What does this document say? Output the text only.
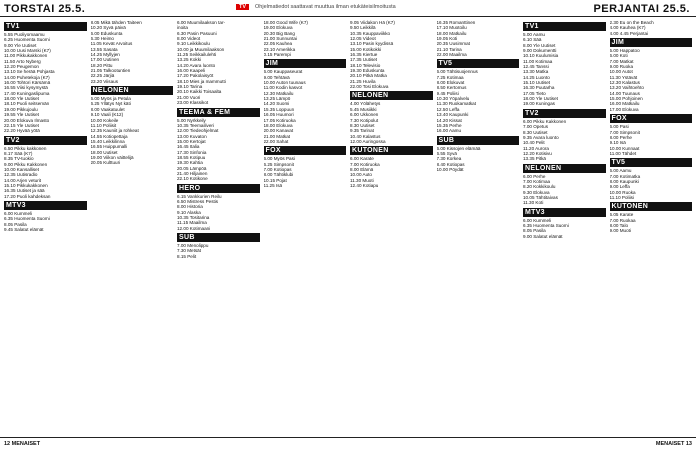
TORSTAI 25.5.	TV	Ohjelmatiedot saattavat muuttua ilman etukäteisilmoitusta	PERJANTAI 25.5.
TV1
5.55 Puoliyomaamu
6.25 Huomenta Suomi
9.00 Yle Uutiset
10.00 Uusi Marski (K7)
11.00 Pikkukakkonen
11.50 Arto Nyberg
12.20 Peugemon
13.10 Se herää Pohjasta
14.00 Puhetekoja (K7)
16.00 Tohtori Kärsämä
16.55 Viisi kysymystä
17.40 Kuningaslipuma
18.00 Yle Uutiset
18.10 Puoli seitsemän
19.00 Pikkujoulu
19.55 Yle Uutiset
20.00 Elokuva Ilmasto
22.15 Yle Uutiset
22.20 Hyvää yötä
TV2
6.50 Pikku kakkonen
8.17 Sää (K7)
8.35 TV-tuokio
9.00 Pikku Kakkonen
10.00 Kansalliset
12.35 Uutisradio
14.00 Arjen veturit
15.10 Pikkukakkonen
16.35 Uutiset ja sää
17.20 Puoli kahdeksan
MTV3
6.00 Kummeli
6.35 Huomenta Suomi
8.05 Pasila
9.45 Salatut elämät
8.05 Mikä tähden Taiteen
10.20 Syvä päivä
6.00 Eduskunta
6.30 Heimo
11.05 Kevät Arvoitus
13.55 Sasata
14.25 Myllyjen
17.00 Uutinen
18.20 Pittu
21.05 Talkootuntien
22.25 Järjiä
23.20 Viisaus
NELONEN
6.00 Myös ja Petula
6.25 Yllätys Nyt käti
8.00 Vaakatuulet
9.10 Vaali (K12)
10.00 Kokeile
11.10 Poliisit
12.35 Kauniit ja rohkeat
14.55 Kotiopettaja
15.40 Leikkilinna
16.55 Huippumalli
18.00 Uutiset
19.00 Viikon väittelijä
20.05 Kulttuuri
6.00 Muumilaakson tar-
inoita
6.30 Pasin Pasuuni
8.00 Videot
9.10 Leikkikoulu
10.00 ja Muumilaakson
11.25 Seikkailulehti
13.25 Kokki
14.20 Avara luonto
16.00 Kaapeli
17.20 Pakolaisyöt
18.10 Mies ja mammutti
19.10 Tarina
20.10 Kaikki Toisaalta
21.00 Vuori
23.00 Klassikot
TEEMA & FEM
5.00 Nyrkkeily
10.35 Teemailiveri
12.00 Tiedeohjelmat
13.00 Kuvaton
15.00 Kertojat
16.45 Italia
17.30 Sinfonia
18.55 Kotipuu
19.30 Kahtia
20.05 Lämpöä
21.40 Hiljainen
22.10 Kotikone
HERO
6.15 Vankkurien Reilu
6.50 Mistress Pestis
8.00 Historia
9.10 Alaska
10.35 Tositarina
11.15 Maailma
12.00 Kotimaani
SUB
7.00 Menolippu
7.30 Metsät
8.15 Pelit
18.00 Good Wife (K7)
19.00 Elokuva
20.30 Big Bang
21.00 Sunnuntai
22.05 Kauhea
23.10 Amerikka
0.15 Parempi
JIM
6.00 Kauppaseurat
9.00 Tehtävä
10.00 Auton tuunaus
11.00 Kodin kasvot
12.30 Matkailu
13.25 Lämpö
14.20 Suomi
15.35 Loppuun
16.05 Huumori
17.05 Kotiruoka
18.00 Elokuva
20.00 Kanavat
21.00 Matkat
22.00 Sahat
FOX
6.00 Myös Pasi
6.25 Simpsonit
7.00 Kotiopas
8.00 Tähtiklubi
10.15 Pojat
11.25 Isä
9.05 Viidakon Hä (K7)
9.50 Leikkilä
10.35 Kauppaviikko
12.05 Videot
13.10 Pasin kyydissä
15.00 Kotikokki
16.35 Kiertue
17.35 Uutiset
18.10 Televisio
19.30 Eduskunta
20.10 Pitkä Matka
21.25 Huvila
22.00 Tosi Elokuva
NELONEN
4.00 Yölähetys
5.45 Musiikki
6.00 Ukkonen
7.30 Kotipolut
8.30 Uutiset
9.35 Tarinat
10.40 Kalastus
12.00 Auringossa
KUTONEN
6.00 Karate
7.00 Kotiruoka
8.00 Elämä
10.00 Auto
11.30 Muoti
12.40 Kotiapu
16.35 Romanttinen
17.10 Muotoilu
18.00 Matkailu
19.05 Koti
20.35 Uusimmat
21.10 Tarina
22.00 Maailma
TV5
6.00 Tähtisuojennus
7.25 Kotimaa
8.00 Elokuvat
8.50 Kertomus
9.45 Poliisi
10.30 Yöpalvelu
11.30 Ruokamatkat
12.50 Leffa
13.40 Kaupunki
14.20 Kissat
15.35 Perhe
16.00 Aamu
SUB
6.00 Kissojen elämää
6.55 Syvä
7.30 Korkea
8.40 Kotiopas
10.00 Pöydät
TV1
5.00 Aamu
6.10 Sää
8.00 Yle Uutiset
9.00 Dokumentti
10.10 Kuulumisia
11.00 Kotimaa
12.45 Tanssi
13.30 Matka
14.25 Luonto
15.10 Uutiset
16.30 Puutarha
17.05 Tieto
18.00 Yle Uutiset
19.00 Kuningas
TV2
6.00 Pikku Kakkonen
7.00 Opetus
8.30 Uutiset
9.35 Avara luonto
10.40 Pelit
11.20 Aurora
12.20 Kotisivu
13.35 Pitkä
NELONEN
6.00 Perhe
7.00 Kotimaa
8.20 Kokkikoulu
9.30 Elokuva
10.05 Tähtitaivas
11.30 Koti
MTV3
6.00 Kummeli
6.35 Huomenta Suomi
8.05 Pasila
9.00 Salatut elämät
2.30 Eu on the Beach
4.00 Kauhea (K7)
4.00 4.45 Perjantai
JIM
5.00 Happatoo
6.00 Koti
7.00 Matkat
9.00 Ruoka
10.00 Autot
11.30 Ystävät
12.30 Kalastus
13.20 Vaihtoehto
14.00 Tuunaus
15.00 Pohjoinen
16.00 Matkailu
17.00 Elokuva
FOX
6.00 Pasi
7.00 Simpsonit
8.00 Perhe
9.10 Isä
10.00 Kunnaat
11.00 Tähdet
TV5
6.00 Aamu
7.00 Kotimatka
8.00 Kaupunki
9.00 Leffa
10.00 Ruoka
11.10 Poliisi
KUTONEN
6.05 Karate
7.00 Ruokaa
8.00 Talo
9.00 Muoti
12 MENAISET	MENAISET 13
